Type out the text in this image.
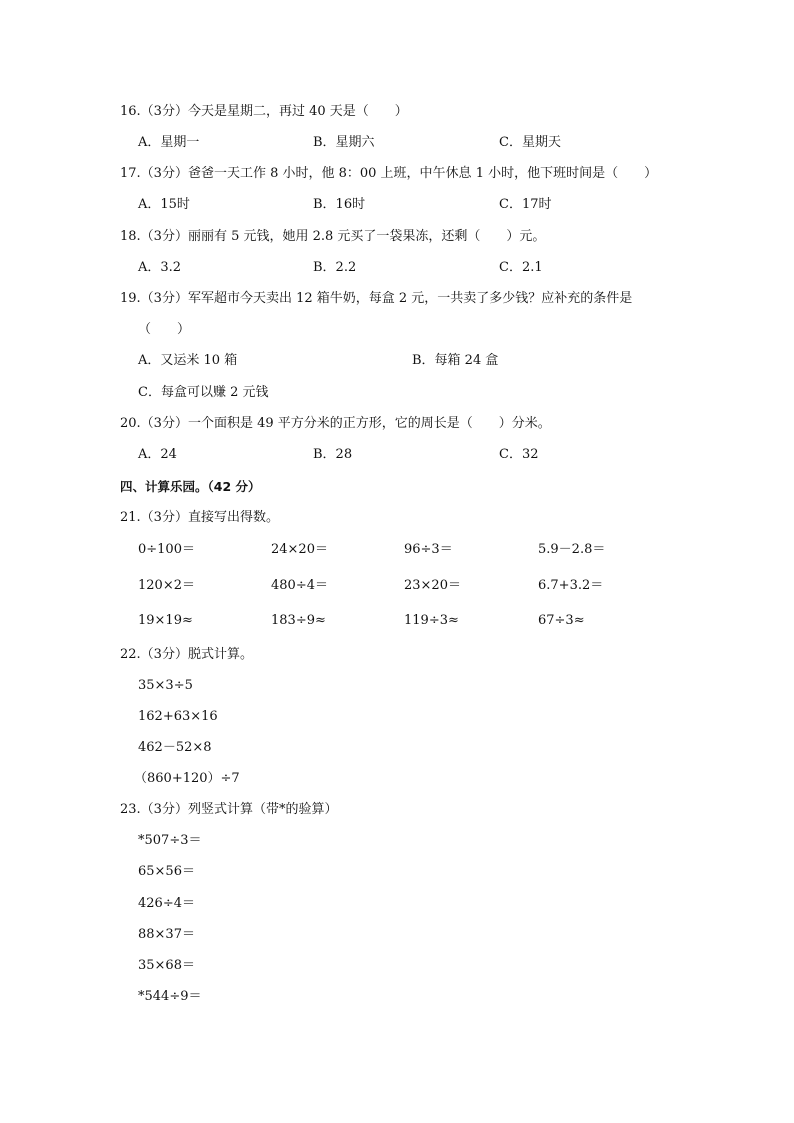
16.（3分）今天是星期二，再过 40 天是（　　）
A．星期一	B．星期六	C．星期天
17.（3分）爸爸一天工作 8 小时，他 8：00 上班，中午休息 1 小时，他下班时间是（　　）
A．15时	B．16时	C．17时
18.（3分）丽丽有 5 元钱，她用 2.8 元买了一袋果冻，还剩（　　）元。
A．3.2	B．2.2	C．2.1
19.（3分）军军超市今天卖出 12 箱牛奶，每盒 2 元，一共卖了多少钱？应补充的条件是
（　　）
A．又运米 10 箱	B．每箱 24 盒
C．每盒可以赚 2 元钱
20.（3分）一个面积是 49 平方分米的正方形，它的周长是（　　）分米。
A．24	B．28	C．32
四、计算乐园。（42 分）
21.（3分）直接写出得数。
0÷100＝	24×20＝	96÷3＝	5.9－2.8＝
120×2＝	480÷4＝	23×20＝	6.7+3.2＝
19×19≈	183÷9≈	119÷3≈	67÷3≈
22.（3分）脱式计算。
35×3÷5
162+63×16
462－52×8
（860+120）÷7
23.（3分）列竖式计算（带*的验算）
*507÷3＝
65×56＝
426÷4＝
88×37＝
35×68＝
*544÷9＝
